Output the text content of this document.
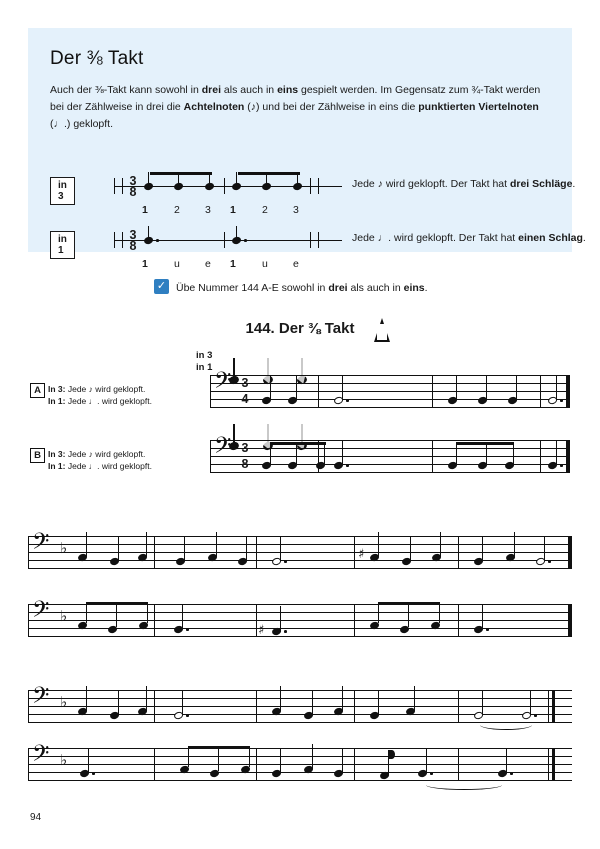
Der ⅜ Takt
Auch der ⅜-Takt kann sowohl in drei als auch in eins gespielt werden. Im Gegensatz zum ¾-Takt werden bei der Zählweise in drei die Achtelnoten (♪) und bei der Zählweise in eins die punktierten Viertelnoten (♩.) geklopft.
in 3
3
8
1 2 3 1 2 3
Jede ♪ wird geklopft. Der Takt hat drei Schläge.
in 1
3
8
1 u e 1 u e
Jede ♩. wird geklopft. Der Takt hat einen Schlag.
✓ Übe Nummer 144 A-E sowohl in drei als auch in eins.
144. Der ⅜ Takt
in 3
in 1
A In 3: Jede ♪ wird geklopft.
In 1: Jede ♩. wird geklopft.
𝄢 3
4
B In 3: Jede ♪ wird geklopft.
In 1: Jede ♩. wird geklopft.
𝄢 3
8
𝄢 ♭	♯
𝄢 ♭
♯
𝄢 ♭
𝄢 ♭
94
